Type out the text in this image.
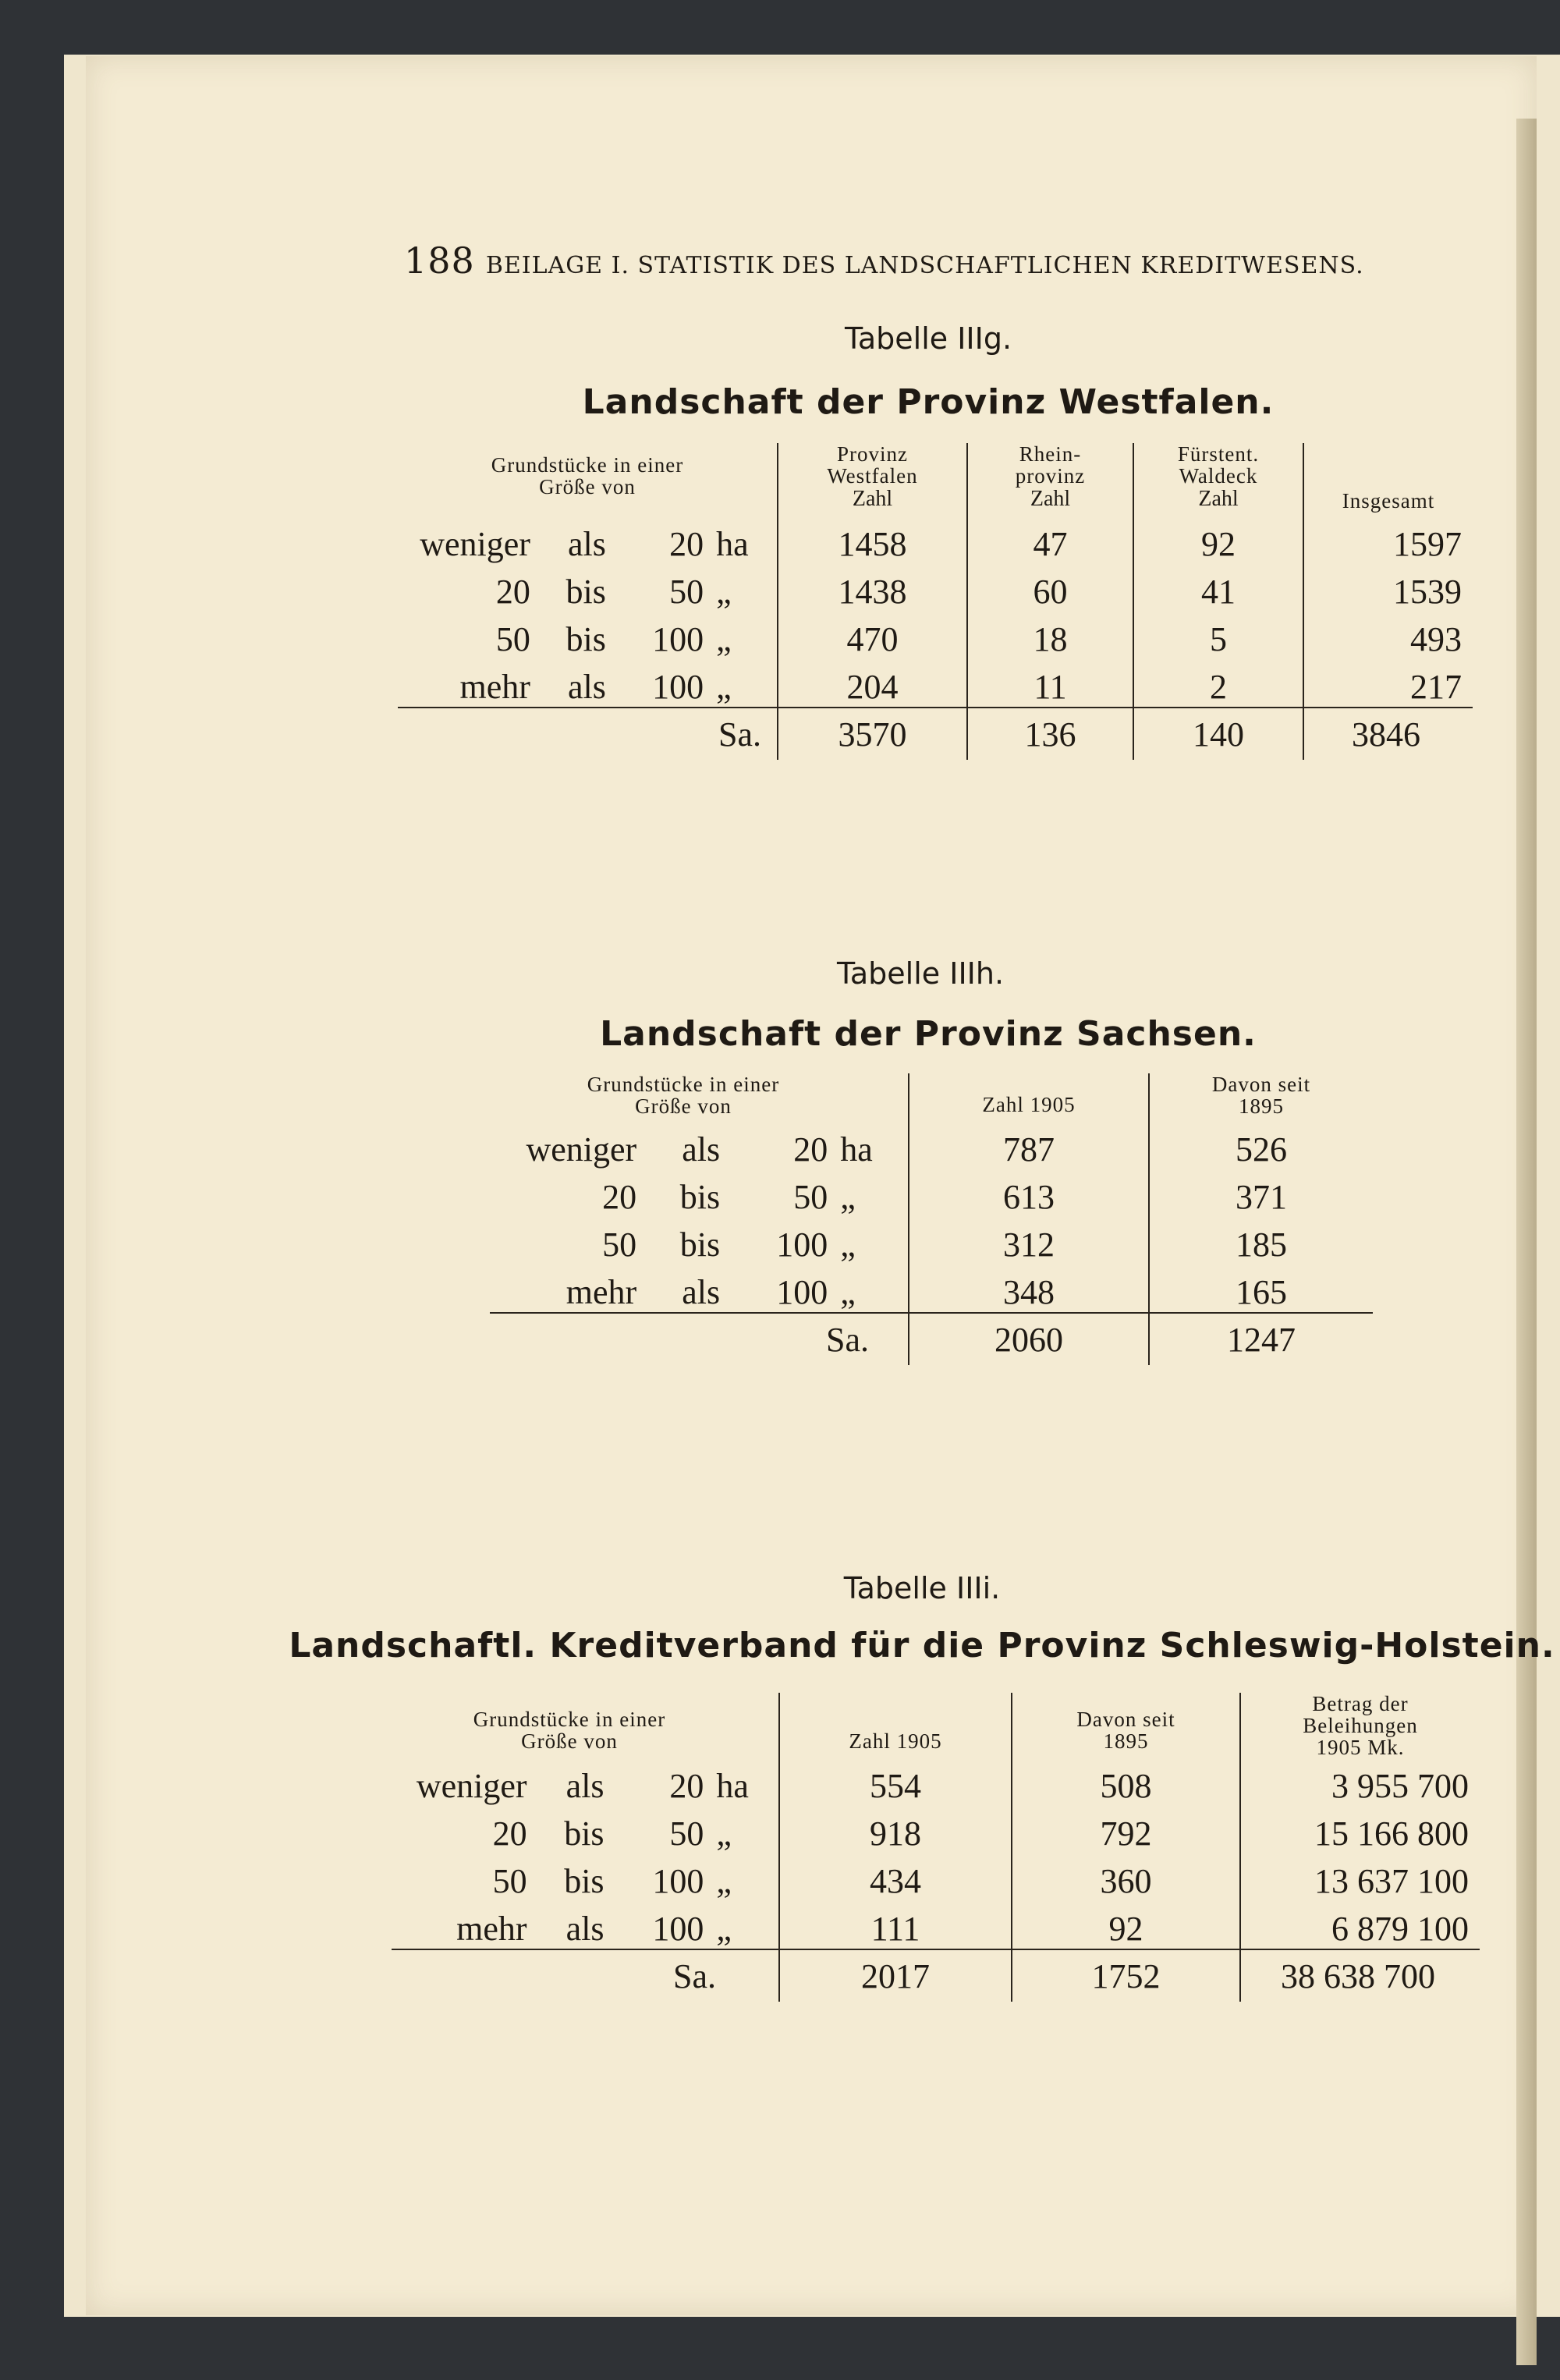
188 BEILAGE I. STATISTIK DES LANDSCHAFTLICHEN KREDITWESENS.
Tabelle IIIg.
Landschaft der Provinz Westfalen.
Grundstücke in einer Größe von				Provinz Westfalen	Rhein- provinz	Fürstent. Waldeck	Insgesamt

				Zahl	Zahl	Zahl	
weniger	als	20	ha	1458	47	92	1597
20	bis	50	„	1438	60	41	1539
50	bis	100	„	470	18	5	493
mehr	als	100	„	204	11	2	217
Sa.				3570	136	140	3846
Tabelle IIIh.
Landschaft der Provinz Sachsen.
Grundstücke in einer Größe von				Zahl 1905	Davon seit 1895

weniger	als	20	ha	787	526
20	bis	50	„	613	371
50	bis	100	„	312	185
mehr	als	100	„	348	165
Sa.				2060	1247
Tabelle IIIi.
Landschaftl. Kreditverband für die Provinz Schleswig-Holstein.
Grundstücke in einer Größe von				Zahl 1905	Davon seit 1895	Betrag der Beleihungen 1905 Mk.

weniger	als	20	ha	554	508	3 955 700
20	bis	50	„	918	792	15 166 800
50	bis	100	„	434	360	13 637 100
mehr	als	100	„	111	92	6 879 100
Sa.				2017	1752	38 638 700
